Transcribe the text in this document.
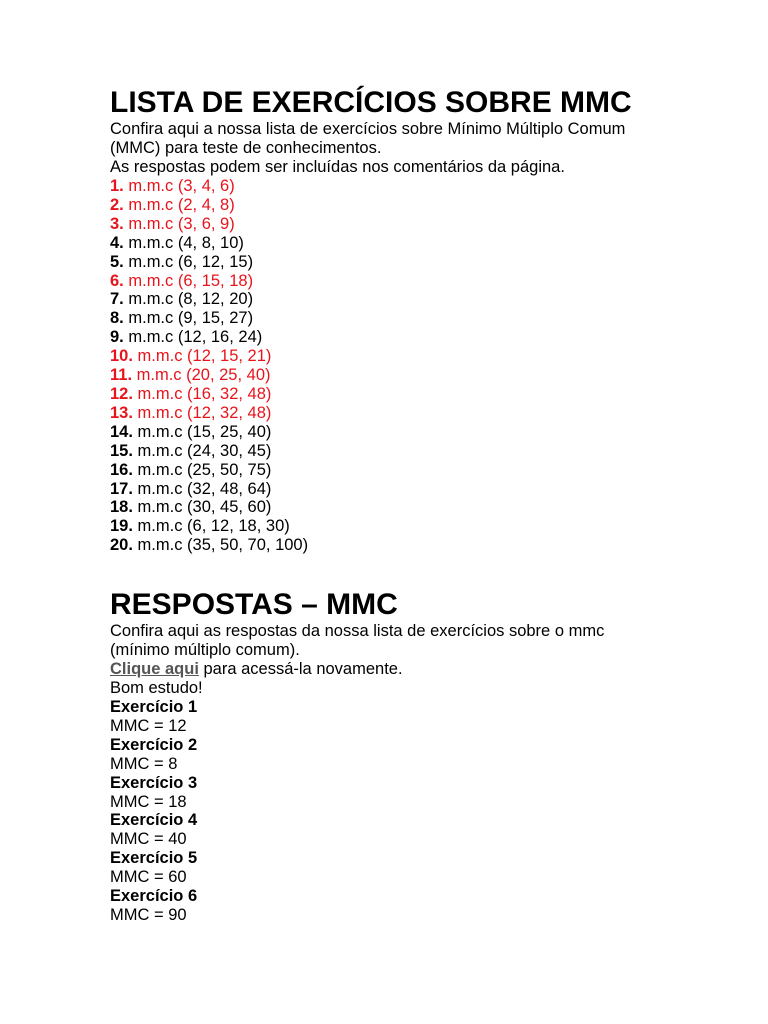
LISTA DE EXERCÍCIOS SOBRE MMC

Confira aqui a nossa lista de exercícios sobre Mínimo Múltiplo Comum

(MMC) para teste de conhecimentos.

As respostas podem ser incluídas nos comentários da página.

1. m.m.c (3, 4, 6)
2. m.m.c (2, 4, 8)
3. m.m.c (3, 6, 9)
4. m.m.c (4, 8, 10)
5. m.m.c (6, 12, 15)
6. m.m.c (6, 15, 18)
7. m.m.c (8, 12, 20)
8. m.m.c (9, 15, 27)
9. m.m.c (12, 16, 24)
10. m.m.c (12, 15, 21)
11. m.m.c (20, 25, 40)
12. m.m.c (16, 32, 48)
13. m.m.c (12, 32, 48)
14. m.m.c (15, 25, 40)
15. m.m.c (24, 30, 45)
16. m.m.c (25, 50, 75)
17. m.m.c (32, 48, 64)
18. m.m.c (30, 45, 60)
19. m.m.c (6, 12, 18, 30)
20. m.m.c (35, 50, 70, 100)
RESPOSTAS – MMC

Confira aqui as respostas da nossa lista de exercícios sobre o mmc

(mínimo múltiplo comum).

Clique aqui para acessá-la novamente.

Bom estudo!

Exercício 1

MMC = 12

Exercício 2

MMC = 8

Exercício 3

MMC = 18

Exercício 4

MMC = 40

Exercício 5

MMC = 60

Exercício 6

MMC = 90
